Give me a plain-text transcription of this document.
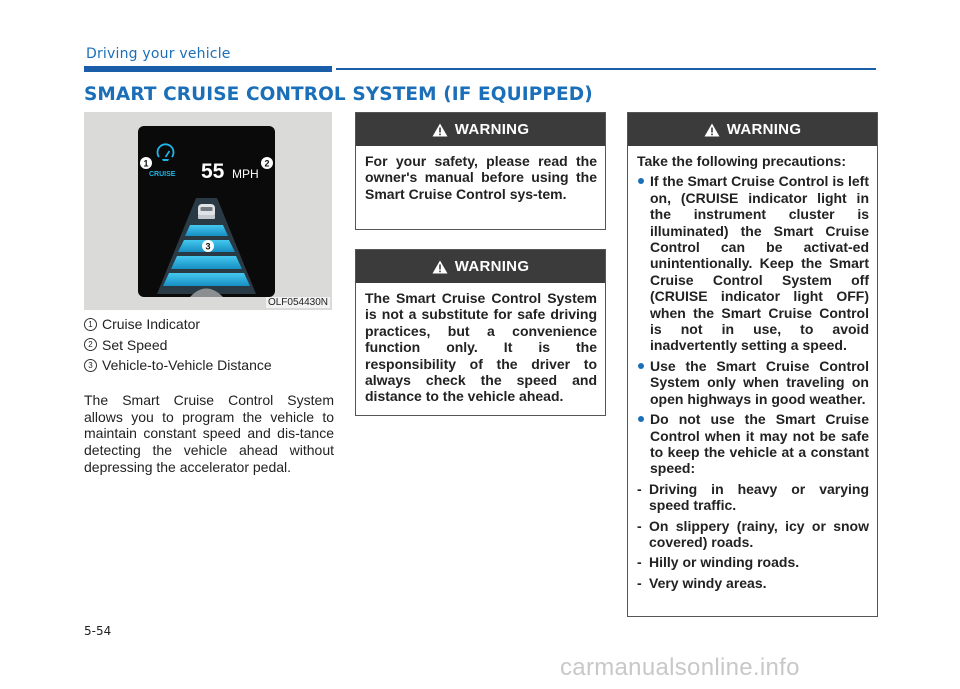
Driving your vehicle
SMART CRUISE CONTROL SYSTEM (IF EQUIPPED)
CRUISE 55 MPH
1	2
3
OLF054430N
1 Cruise Indicator
2 Set Speed
3 Vehicle-to-Vehicle Distance

The Smart Cruise Control System allows you to program the vehicle to maintain constant speed and dis-tance detecting the vehicle ahead without depressing the accelerator pedal.

WARNING

For your safety, please read the owner's manual before using the Smart Cruise Control sys-tem.

WARNING

The Smart Cruise Control System is not a substitute for safe driving practices, but a convenience function only. It is the responsibility of the driver to always check the speed and distance to the vehicle ahead.

WARNING

Take the following precautions:

If the Smart Cruise Control is left on, (CRUISE indicator light in the instrument cluster is illuminated) the Smart Cruise Control can be activat-ed unintentionally. Keep the Smart Cruise Control System off (CRUISE indicator light OFF) when the Smart Cruise Control is not in use, to avoid inadvertently setting a speed.
Use the Smart Cruise Control System only when traveling on open highways in good weather.
Do not use the Smart Cruise Control when it may not be safe to keep the vehicle at a constant speed:
- Driving in heavy or varying speed traffic.
- On slippery (rainy, icy or snow covered) roads.
- Hilly or winding roads.
- Very windy areas.
5-54
carmanualsonline.info
